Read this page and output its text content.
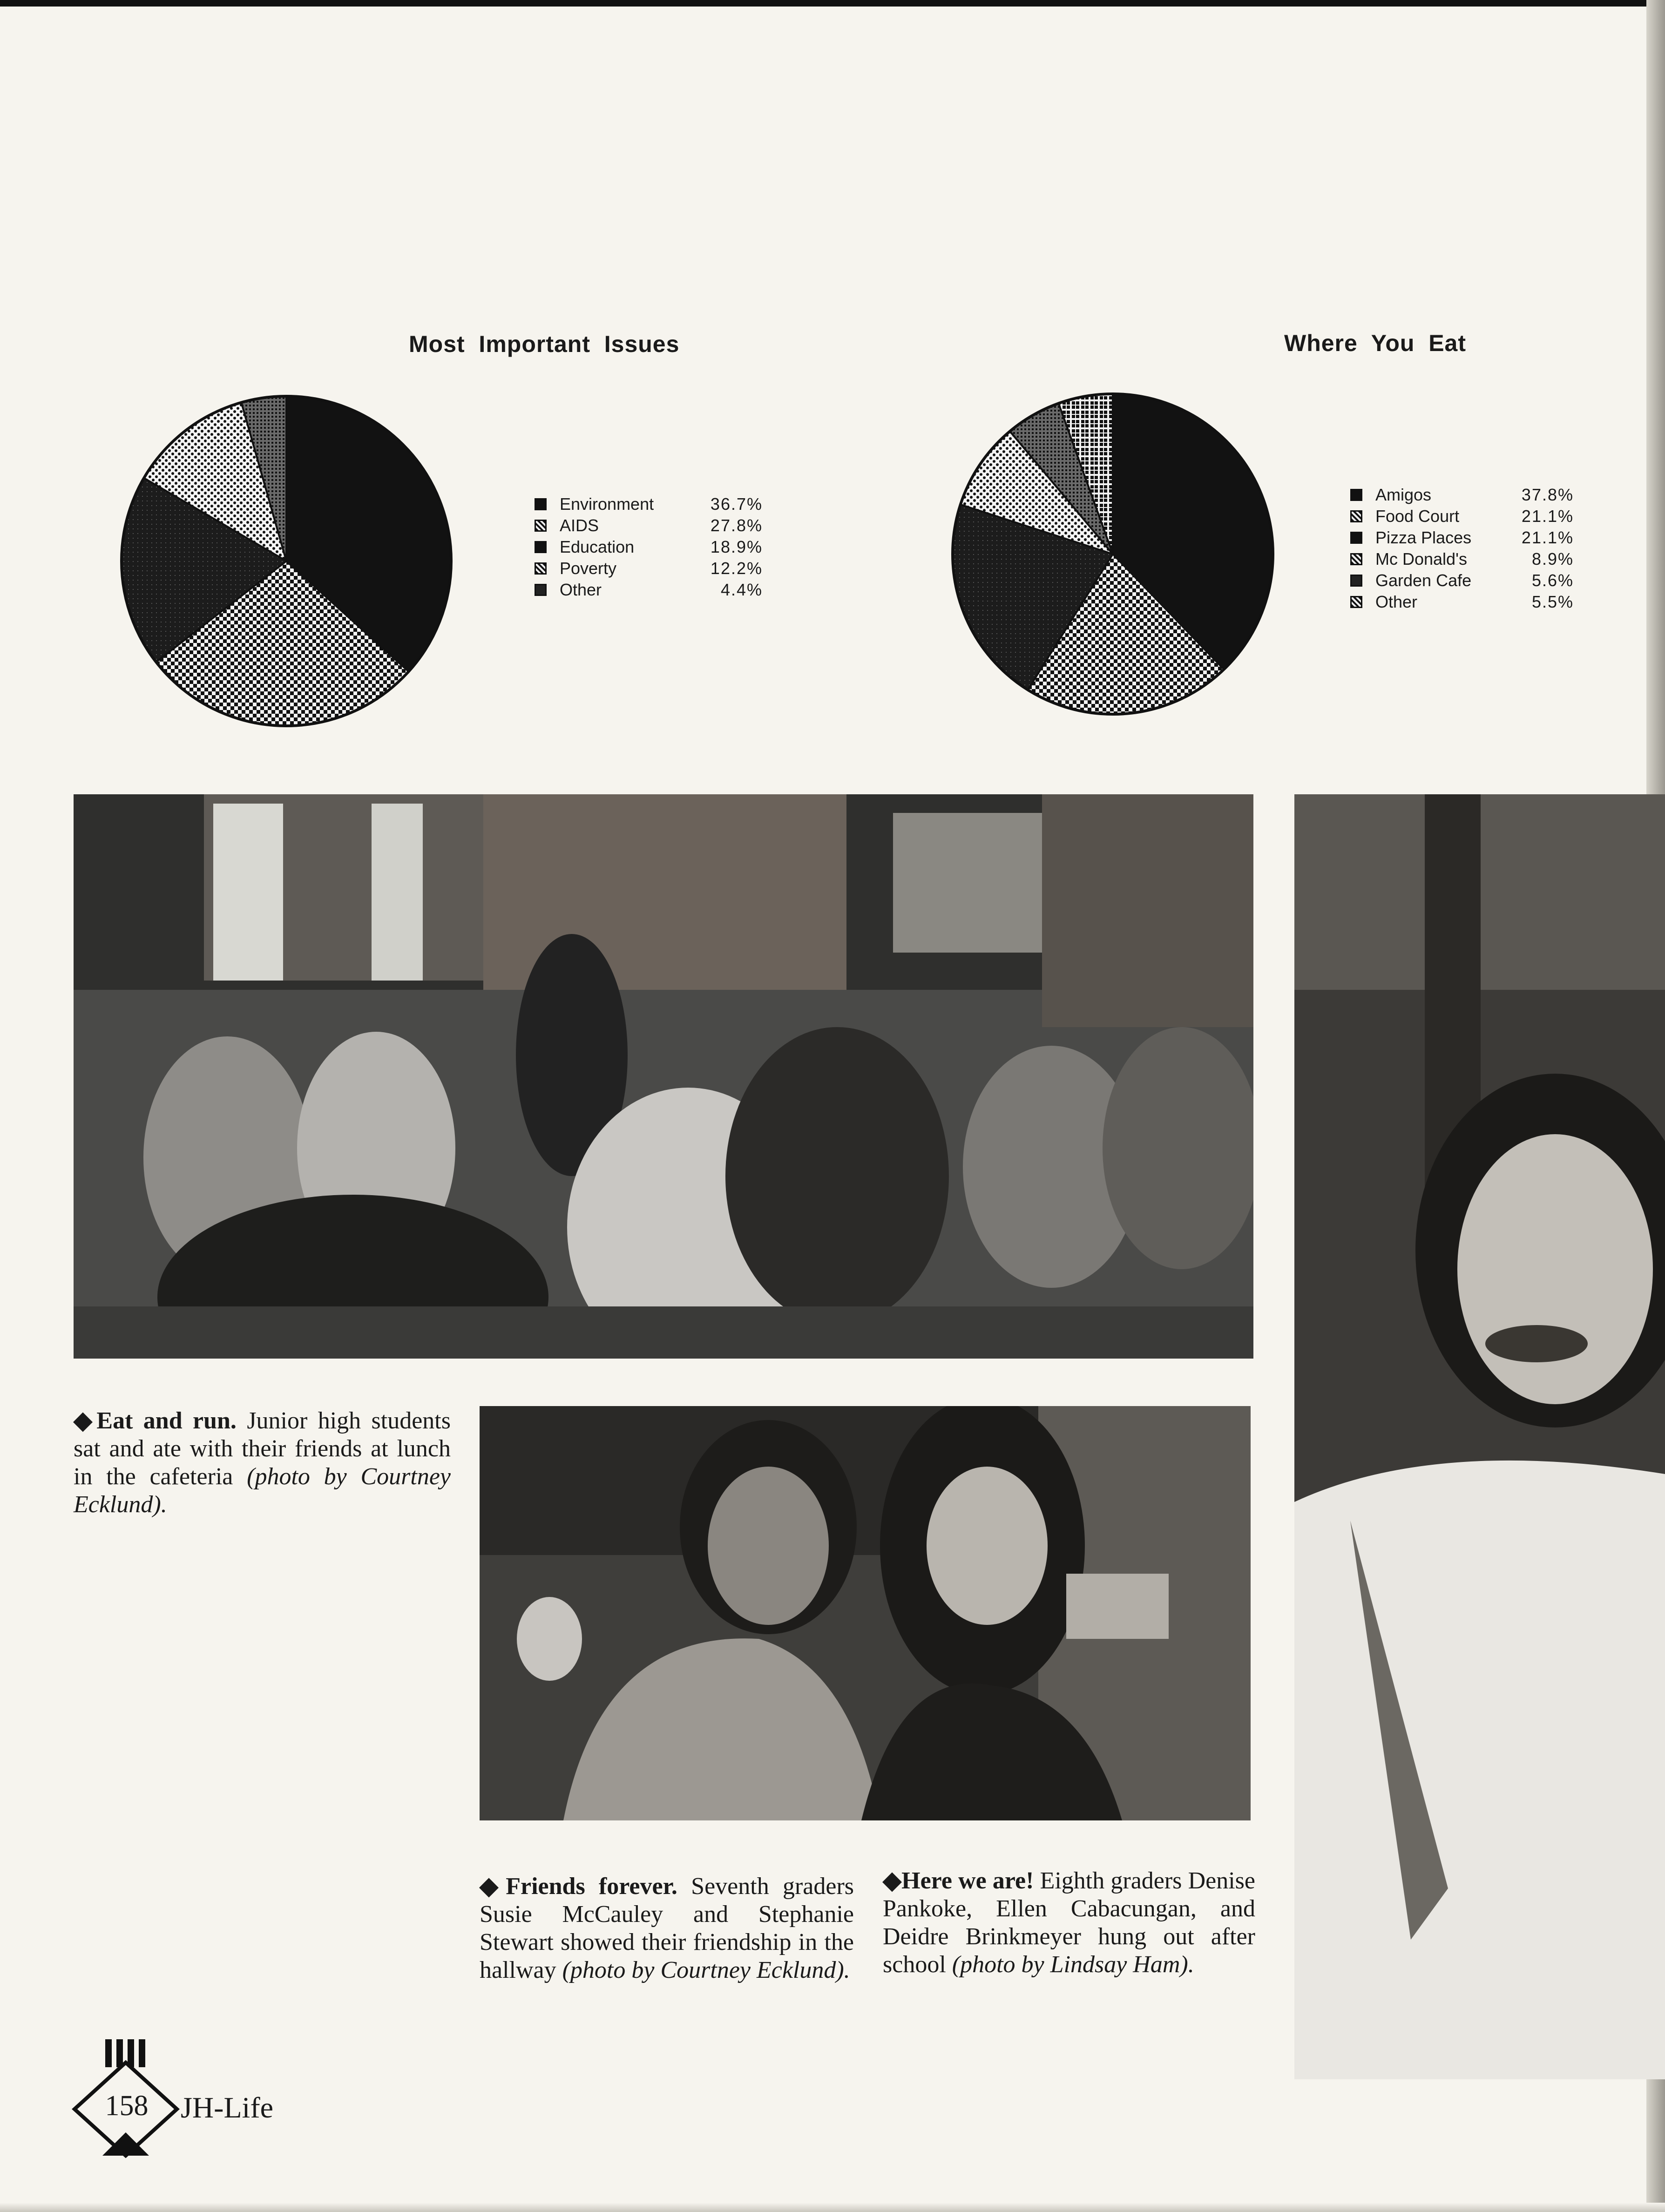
Most  Important  Issues
Environment	36.7%
AIDS	27.8%
Education	18.9%
Poverty	12.2%
Other	4.4%
Where  You  Eat
Amigos	37.8%
Food Court	21.1%
Pizza Places	21.1%
Mc Donald's	8.9%
Garden Cafe	5.6%
Other	5.5%
◆Eat and run. Junior high students sat and ate with their friends at lunch in the cafeteria (photo by Courtney Ecklund).
◆Friends forever. Seventh graders Susie McCauley and Stephanie Stewart showed their friendship in the hallway (photo by Courtney Ecklund).
◆Here we are! Eighth graders Denise Pankoke, Ellen Cabacungan, and Deidre Brinkmeyer hung out after school (photo by Lindsay Ham).
158	JH-Life
